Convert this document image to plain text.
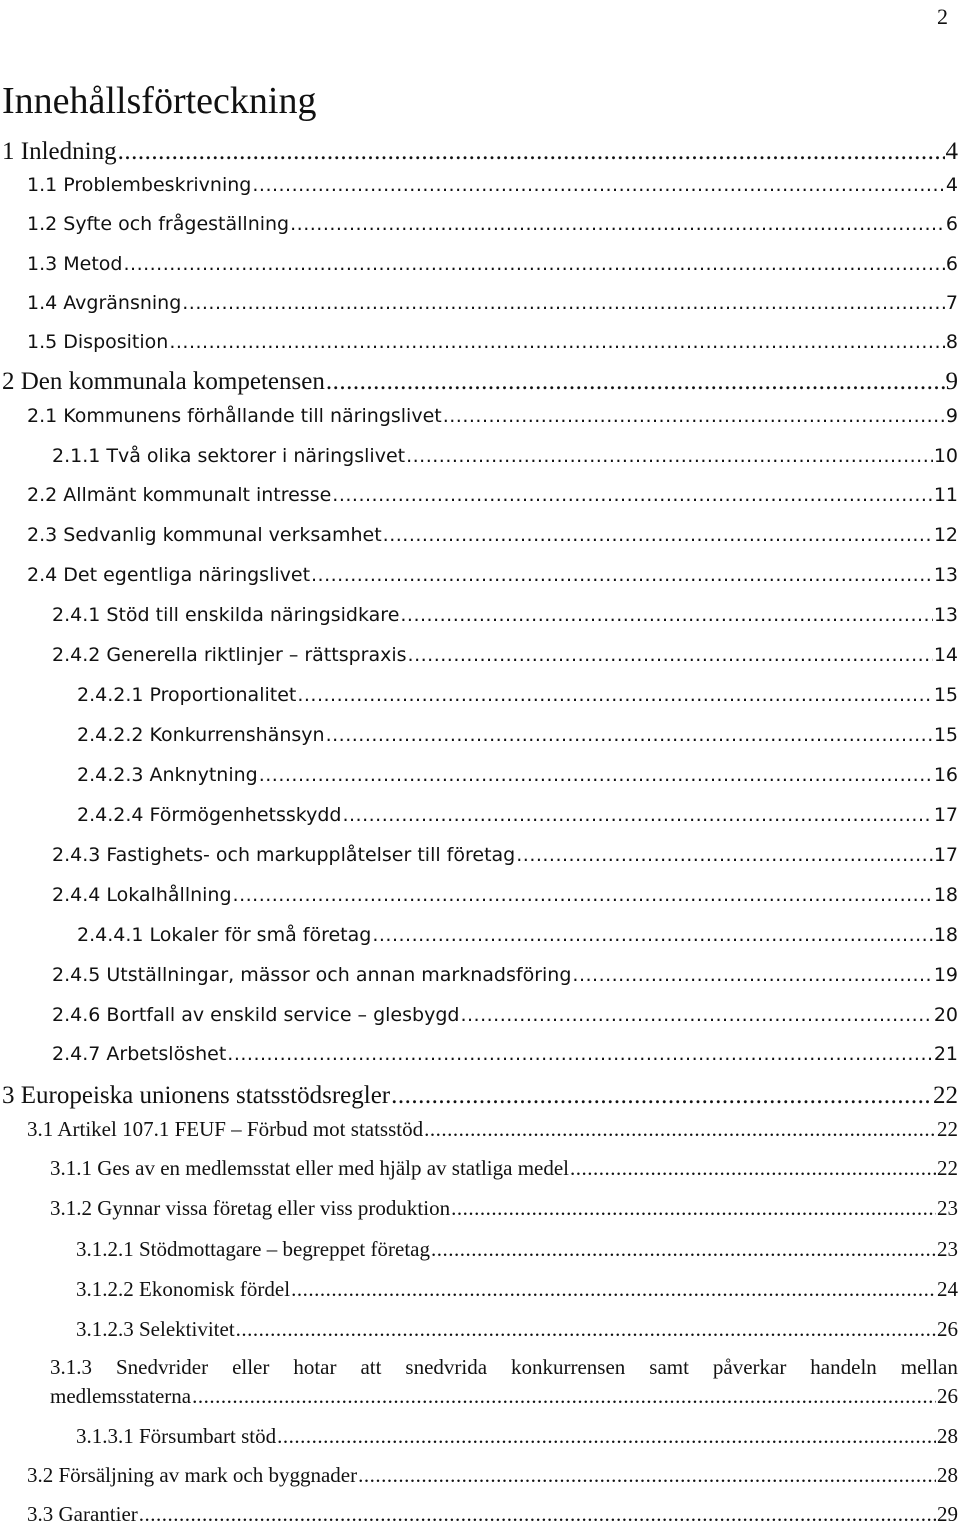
2
Innehållsförteckning
1 Inledning .....	4
1.1 Problembeskrivning .....	4
1.2 Syfte och frågeställning .....	6
1.3 Metod .....	6
1.4 Avgränsning .....	7
1.5 Disposition .....	8
2 Den kommunala kompetensen .....	9
2.1 Kommunens förhållande till näringslivet .....	9
2.1.1 Två olika sektorer i näringslivet .....	10
2.2 Allmänt kommunalt intresse .....	11
2.3 Sedvanlig kommunal verksamhet .....	12
2.4 Det egentliga näringslivet .....	13
2.4.1 Stöd till enskilda näringsidkare .....	13
2.4.2 Generella riktlinjer – rättspraxis .....	14
2.4.2.1 Proportionalitet .....	15
2.4.2.2 Konkurrenshänsyn .....	15
2.4.2.3 Anknytning .....	16
2.4.2.4 Förmögenhetsskydd .....	17
2.4.3 Fastighets- och markupplåtelser till företag .....	17
2.4.4 Lokalhållning .....	18
2.4.4.1 Lokaler för små företag .....	18
2.4.5 Utställningar, mässor och annan marknadsföring .....	19
2.4.6 Bortfall av enskild service – glesbygd .....	20
2.4.7 Arbetslöshet .....	21
3 Europeiska unionens statsstödsregler .....	22
3.1 Artikel 107.1 FEUF – Förbud mot statsstöd .....	22
3.1.1 Ges av en medlemsstat eller med hjälp av statliga medel .....	22
3.1.2 Gynnar vissa företag eller viss produktion .....	23
3.1.2.1 Stödmottagare – begreppet företag .....	23
3.1.2.2 Ekonomisk fördel .....	24
3.1.2.3 Selektivitet .....	26
3.1.3 Snedvrider eller hotar att snedvrida konkurrensen samt påverkar handeln mellan
medlemsstaterna .....	26
3.1.3.1 Försumbart stöd .....	28
3.2 Försäljning av mark och byggnader .....	28
3.3 Garantier .....	29
